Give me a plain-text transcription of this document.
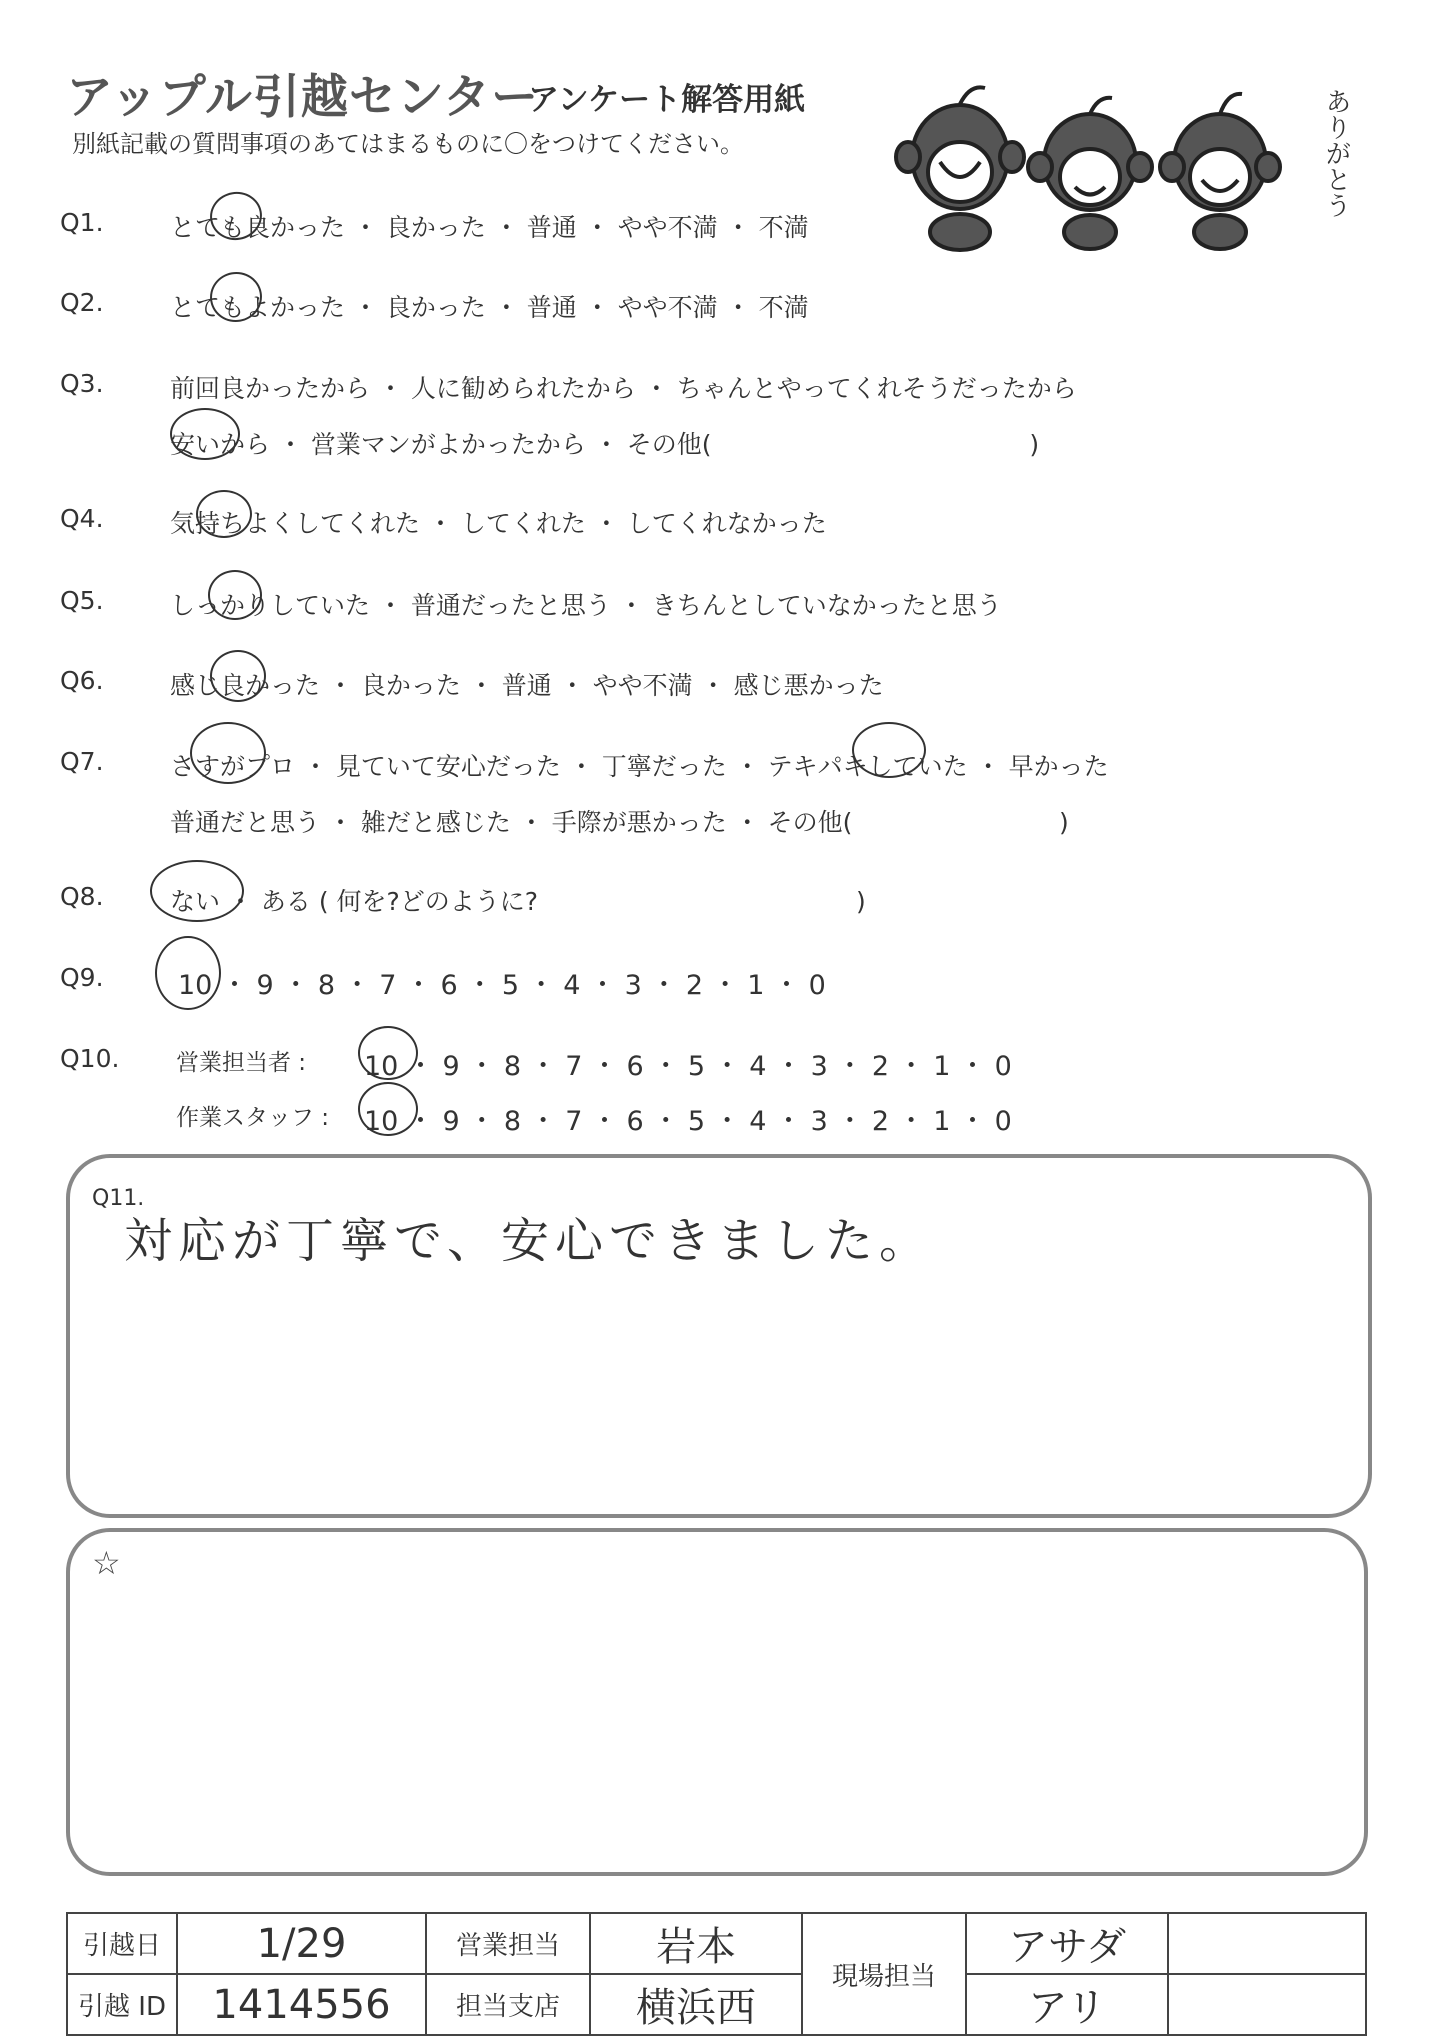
アップル引越センター
アンケート解答用紙
別紙記載の質問事項のあてはまるものに〇をつけてください。	ありがとう
Q1.	とても良かった ・ 良かった ・ 普通 ・ やや不満 ・ 不満
Q2.	とてもよかった ・ 良かった ・ 普通 ・ やや不満 ・ 不満
Q3.	前回良かったから ・ 人に勧められたから ・ ちゃんとやってくれそうだったから
安いから ・ 営業マンがよかったから ・ その他(                                        )
Q4.	気持ちよくしてくれた ・ してくれた ・ してくれなかった
Q5.	しっかりしていた ・ 普通だったと思う ・ きちんとしていなかったと思う
Q6.	感じ良かった ・ 良かった ・ 普通 ・ やや不満 ・ 感じ悪かった
Q7.	さすがプロ ・ 見ていて安心だった ・ 丁寧だった ・ テキパキしていた ・ 早かった
普通だと思う ・ 雑だと感じた ・ 手際が悪かった ・ その他(                          )
Q8.	ない ・ ある ( 何を?どのように?                                        )
Q9.	10 ・ 9 ・ 8 ・ 7 ・ 6 ・ 5 ・ 4 ・ 3 ・ 2 ・ 1 ・ 0
Q10. 営業担当者 : 10 ・ 9 ・ 8 ・ 7 ・ 6 ・ 5 ・ 4 ・ 3 ・ 2 ・ 1 ・ 0
作業スタッフ : 10 ・ 9 ・ 8 ・ 7 ・ 6 ・ 5 ・ 4 ・ 3 ・ 2 ・ 1 ・ 0
Q11.
対応が丁寧で、安心できました。
☆
引越日	1/29	営業担当	岩本	現場担当	アサダ	
引越 ID	1414556	担当支店	横浜西		アリ	
